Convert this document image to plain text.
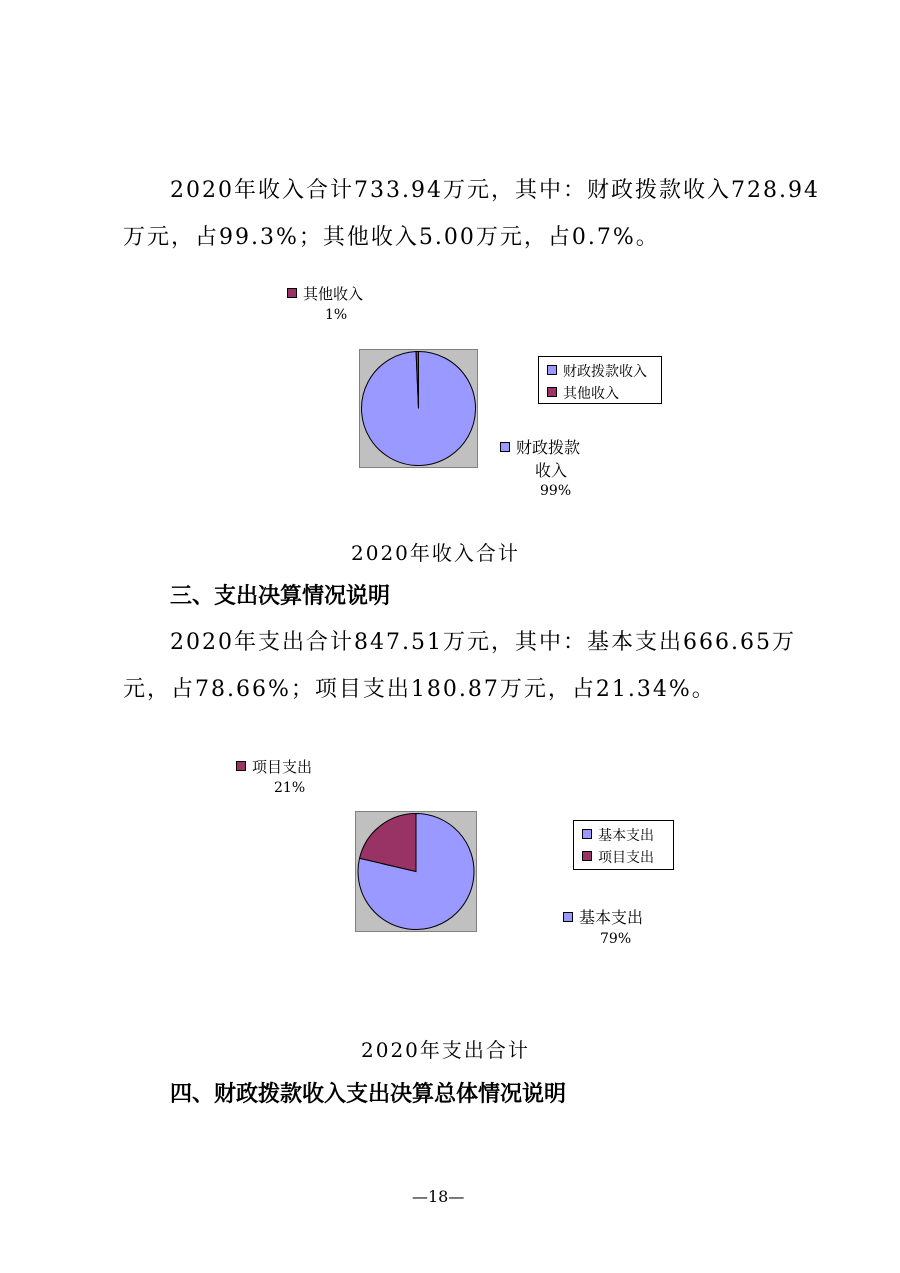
2020年收入合计733.94万元，其中：财政拨款收入728.94
万元，占99.3%；其他收入5.00万元，占0.7%。
其他收入
1%
财政拨款收入
其他收入
财政拨款
收入
99%
2020年收入合计
三、支出决算情况说明
2020年支出合计847.51万元，其中：基本支出666.65万
元，占78.66%；项目支出180.87万元，占21.34%。
项目支出
21%
基本支出
项目支出
基本支出
79%
2020年支出合计
四、财政拨款收入支出决算总体情况说明
—18—
